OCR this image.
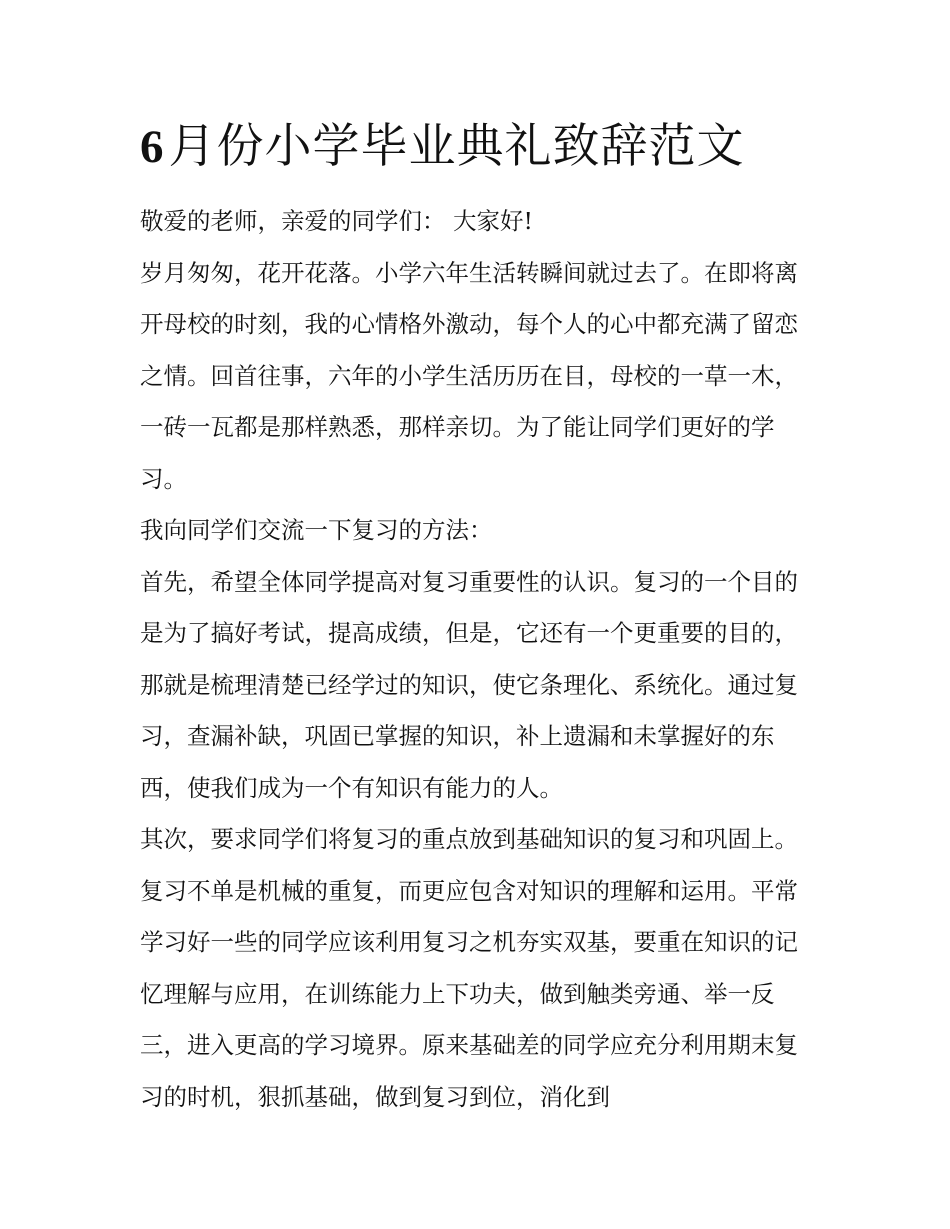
6月份小学毕业典礼致辞范文

敬爱的老师，亲爱的同学们： 大家好!

岁月匆匆，花开花落。小学六年生活转瞬间就过去了。在即将离开母校的时刻，我的心情格外激动，每个人的心中都充满了留恋之情。回首往事，六年的小学生活历历在目，母校的一草一木，一砖一瓦都是那样熟悉，那样亲切。为了能让同学们更好的学习。

我向同学们交流一下复习的方法：

首先，希望全体同学提高对复习重要性的认识。复习的一个目的是为了搞好考试，提高成绩，但是，它还有一个更重要的目的，那就是梳理清楚已经学过的知识，使它条理化、系统化。通过复习，查漏补缺，巩固已掌握的知识，补上遗漏和未掌握好的东西，使我们成为一个有知识有能力的人。

其次，要求同学们将复习的重点放到基础知识的复习和巩固上。复习不单是机械的重复，而更应包含对知识的理解和运用。平常学习好一些的同学应该利用复习之机夯实双基，要重在知识的记忆理解与应用，在训练能力上下功夫，做到触类旁通、举一反三，进入更高的学习境界。原来基础差的同学应充分利用期末复习的时机，狠抓基础，做到复习到位，消化到
